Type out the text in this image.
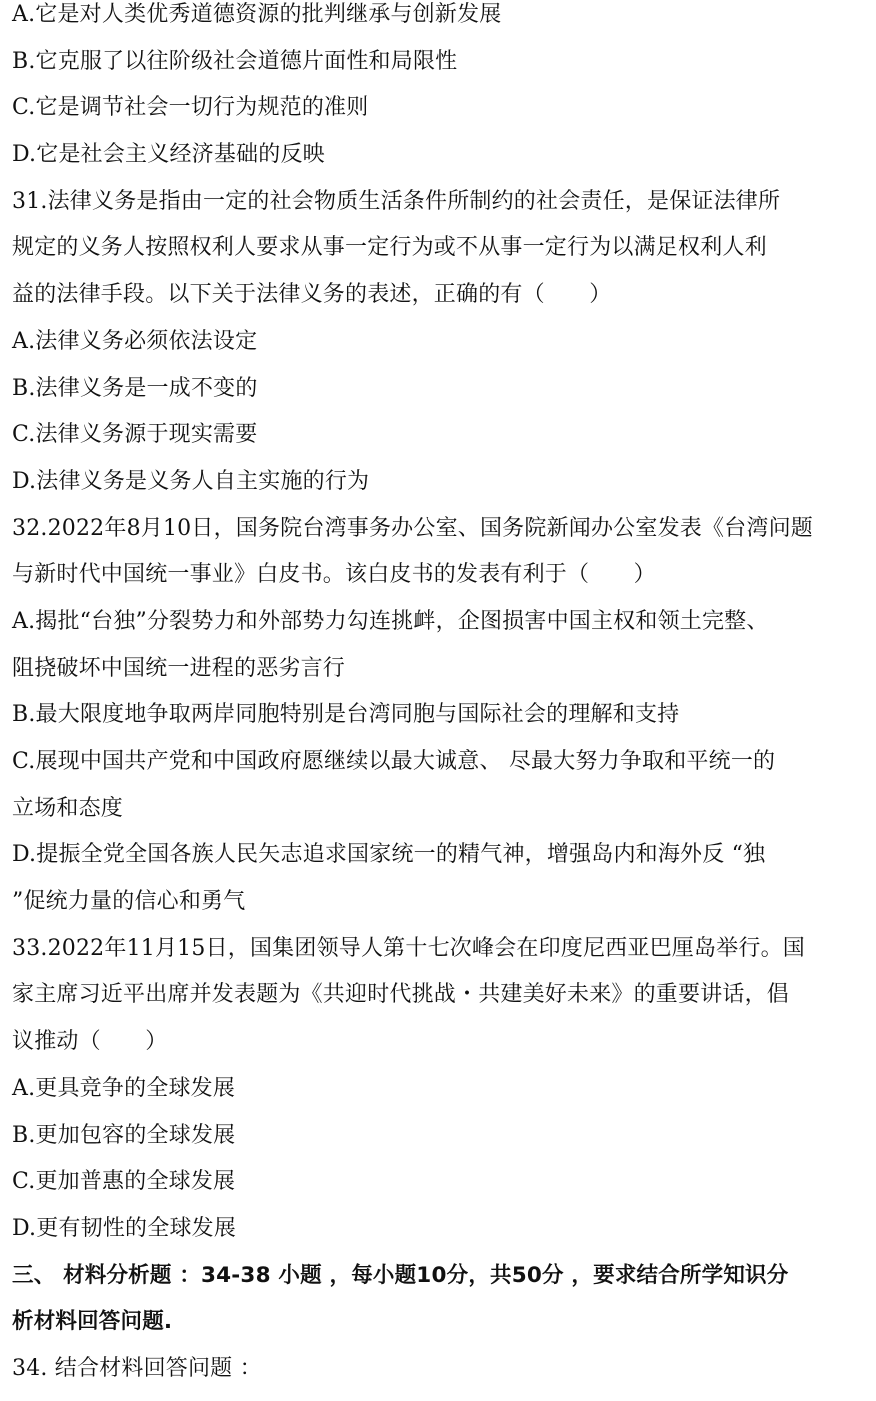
A.它是对人类优秀道德资源的批判继承与创新发展
B.它克服了以往阶级社会道德片面性和局限性
C.它是调节社会一切行为规范的准则
D.它是社会主义经济基础的反映
31.法律义务是指由一定的社会物质生活条件所制约的社会责任，是保证法律所
规定的义务人按照权利人要求从事一定行为或不从事一定行为以满足权利人利
益的法律手段。以下关于法律义务的表述，正确的有（　　）
A.法律义务必须依法设定
B.法律义务是一成不变的
C.法律义务源于现实需要
D.法律义务是义务人自主实施的行为
32.2022年8月10日，国务院台湾事务办公室、国务院新闻办公室发表《台湾问题
与新时代中国统一事业》白皮书。该白皮书的发表有利于（　　）
A.揭批“台独”分裂势力和外部势力勾连挑衅，企图损害中国主权和领土完整、
阻挠破坏中国统一进程的恶劣言行
B.最大限度地争取两岸同胞特别是台湾同胞与国际社会的理解和支持
C.展现中国共产党和中国政府愿继续以最大诚意、 尽最大努力争取和平统一的
立场和态度
D.提振全党全国各族人民矢志追求国家统一的精气神，增强岛内和海外反 “独
”促统力量的信心和勇气
33.2022年11月15日，国集团领导人第十七次峰会在印度尼西亚巴厘岛举行。国
家主席习近平出席并发表题为《共迎时代挑战・共建美好未来》的重要讲话，倡
议推动（　　）
A.更具竞争的全球发展
B.更加包容的全球发展
C.更加普惠的全球发展
D.更有韧性的全球发展
三、 材料分析题 ：34-38 小题 ，每小题10分，共50分 ，要求结合所学知识分
析材料回答问题.
34. 结合材料回答问题 ：
